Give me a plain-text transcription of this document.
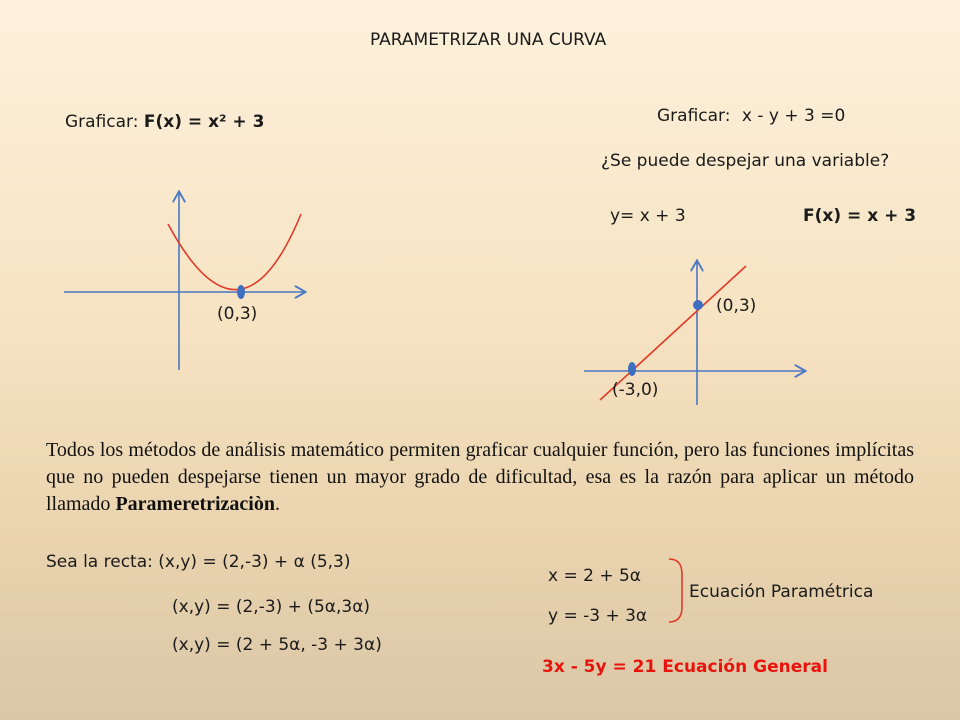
PARAMETRIZAR UNA CURVA
Graficar: F(x) = x² + 3	Graficar: x - y + 3 =0
¿Se puede despejar una variable?
y= x + 3	F(x) = x + 3
(0,3)	(0,3)
(-3,0)
Todos los métodos de análisis matemático permiten graficar cualquier función, pero las funciones implícitas que no pueden despejarse tienen un mayor grado de dificultad, esa es la razón para aplicar un método llamado Parameretrizaciòn.
Sea la recta: (x,y) = (2,-3) + α (5,3)
(x,y) = (2,-3) + (5α,3α)
(x,y) = (2 + 5α, -3 + 3α)
x = 2 + 5α
y = -3 + 3α
Ecuación Paramétrica
3x - 5y = 21 Ecuación General
